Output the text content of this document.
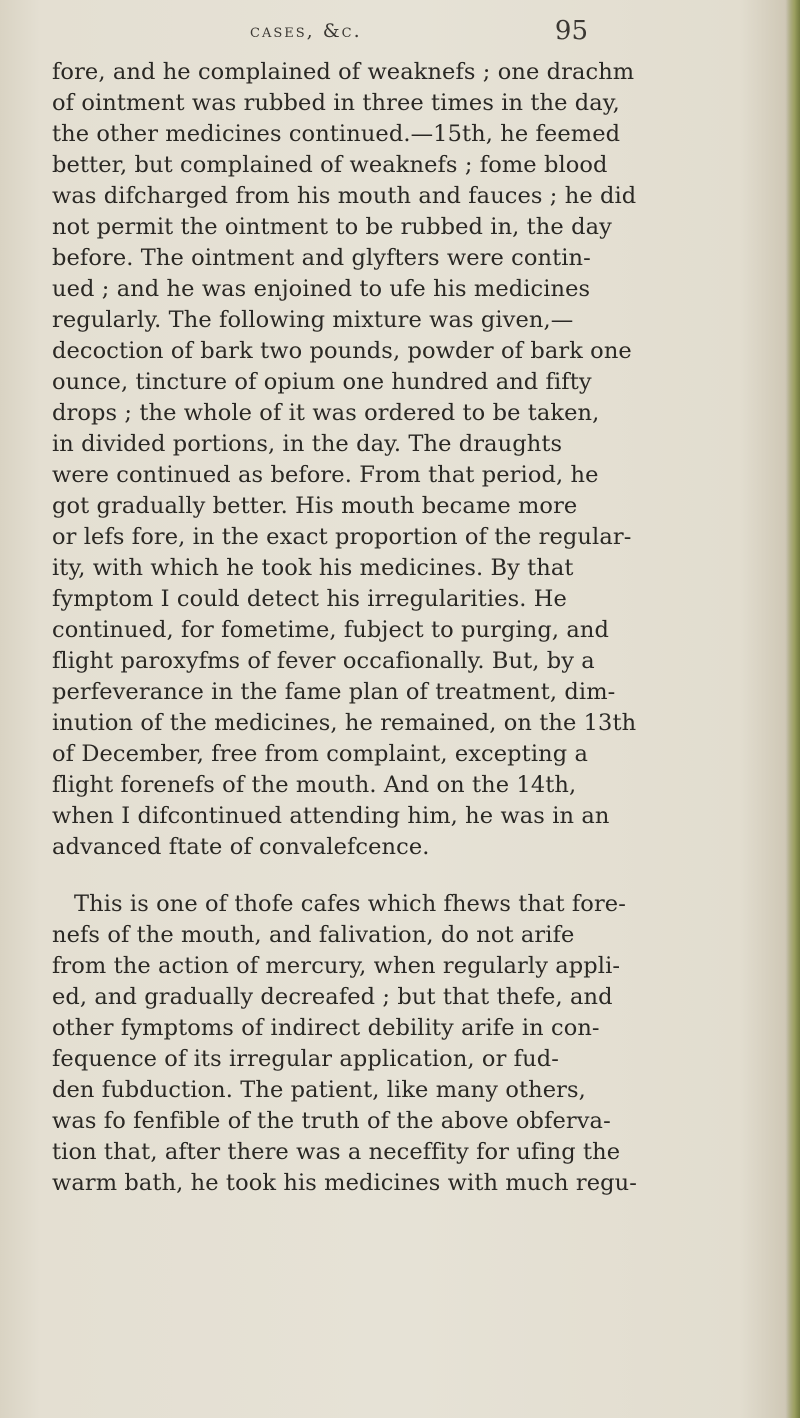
cases, &c.	95
fore, and he complained of weaknefs ; one drachm
of ointment was rubbed in three times in the day,
the other medicines continued.—15th, he feemed
better, but complained of weaknefs ; fome blood
was difcharged from his mouth and fauces ; he did
not permit the ointment to be rubbed in, the day
before. The ointment and glyfters were contin-
ued ; and he was enjoined to ufe his medicines
regularly. The following mixture was given,—
decoction of bark two pounds, powder of bark one
ounce, tincture of opium one hundred and fifty
drops ; the whole of it was ordered to be taken,
in divided portions, in the day. The draughts
were continued as before. From that period, he
got gradually better. His mouth became more
or lefs fore, in the exact proportion of the regular-
ity, with which he took his medicines. By that
fymptom I could detect his irregularities. He
continued, for fometime, fubject to purging, and
flight paroxyfms of fever occafionally. But, by a
perfeverance in the fame plan of treatment, dim-
inution of the medicines, he remained, on the 13th
of December, free from complaint, excepting a
flight forenefs of the mouth. And on the 14th,
when I difcontinued attending him, he was in an
advanced ftate of convalefcence.
This is one of thofe cafes which fhews that fore-
nefs of the mouth, and falivation, do not arife
from the action of mercury, when regularly appli-
ed, and gradually decreafed ; but that thefe, and
other fymptoms of indirect debility arife in con-
fequence of its irregular application, or fud-
den fubduction. The patient, like many others,
was fo fenfible of the truth of the above obferva-
tion that, after there was a neceffity for ufing the
warm bath, he took his medicines with much regu-
